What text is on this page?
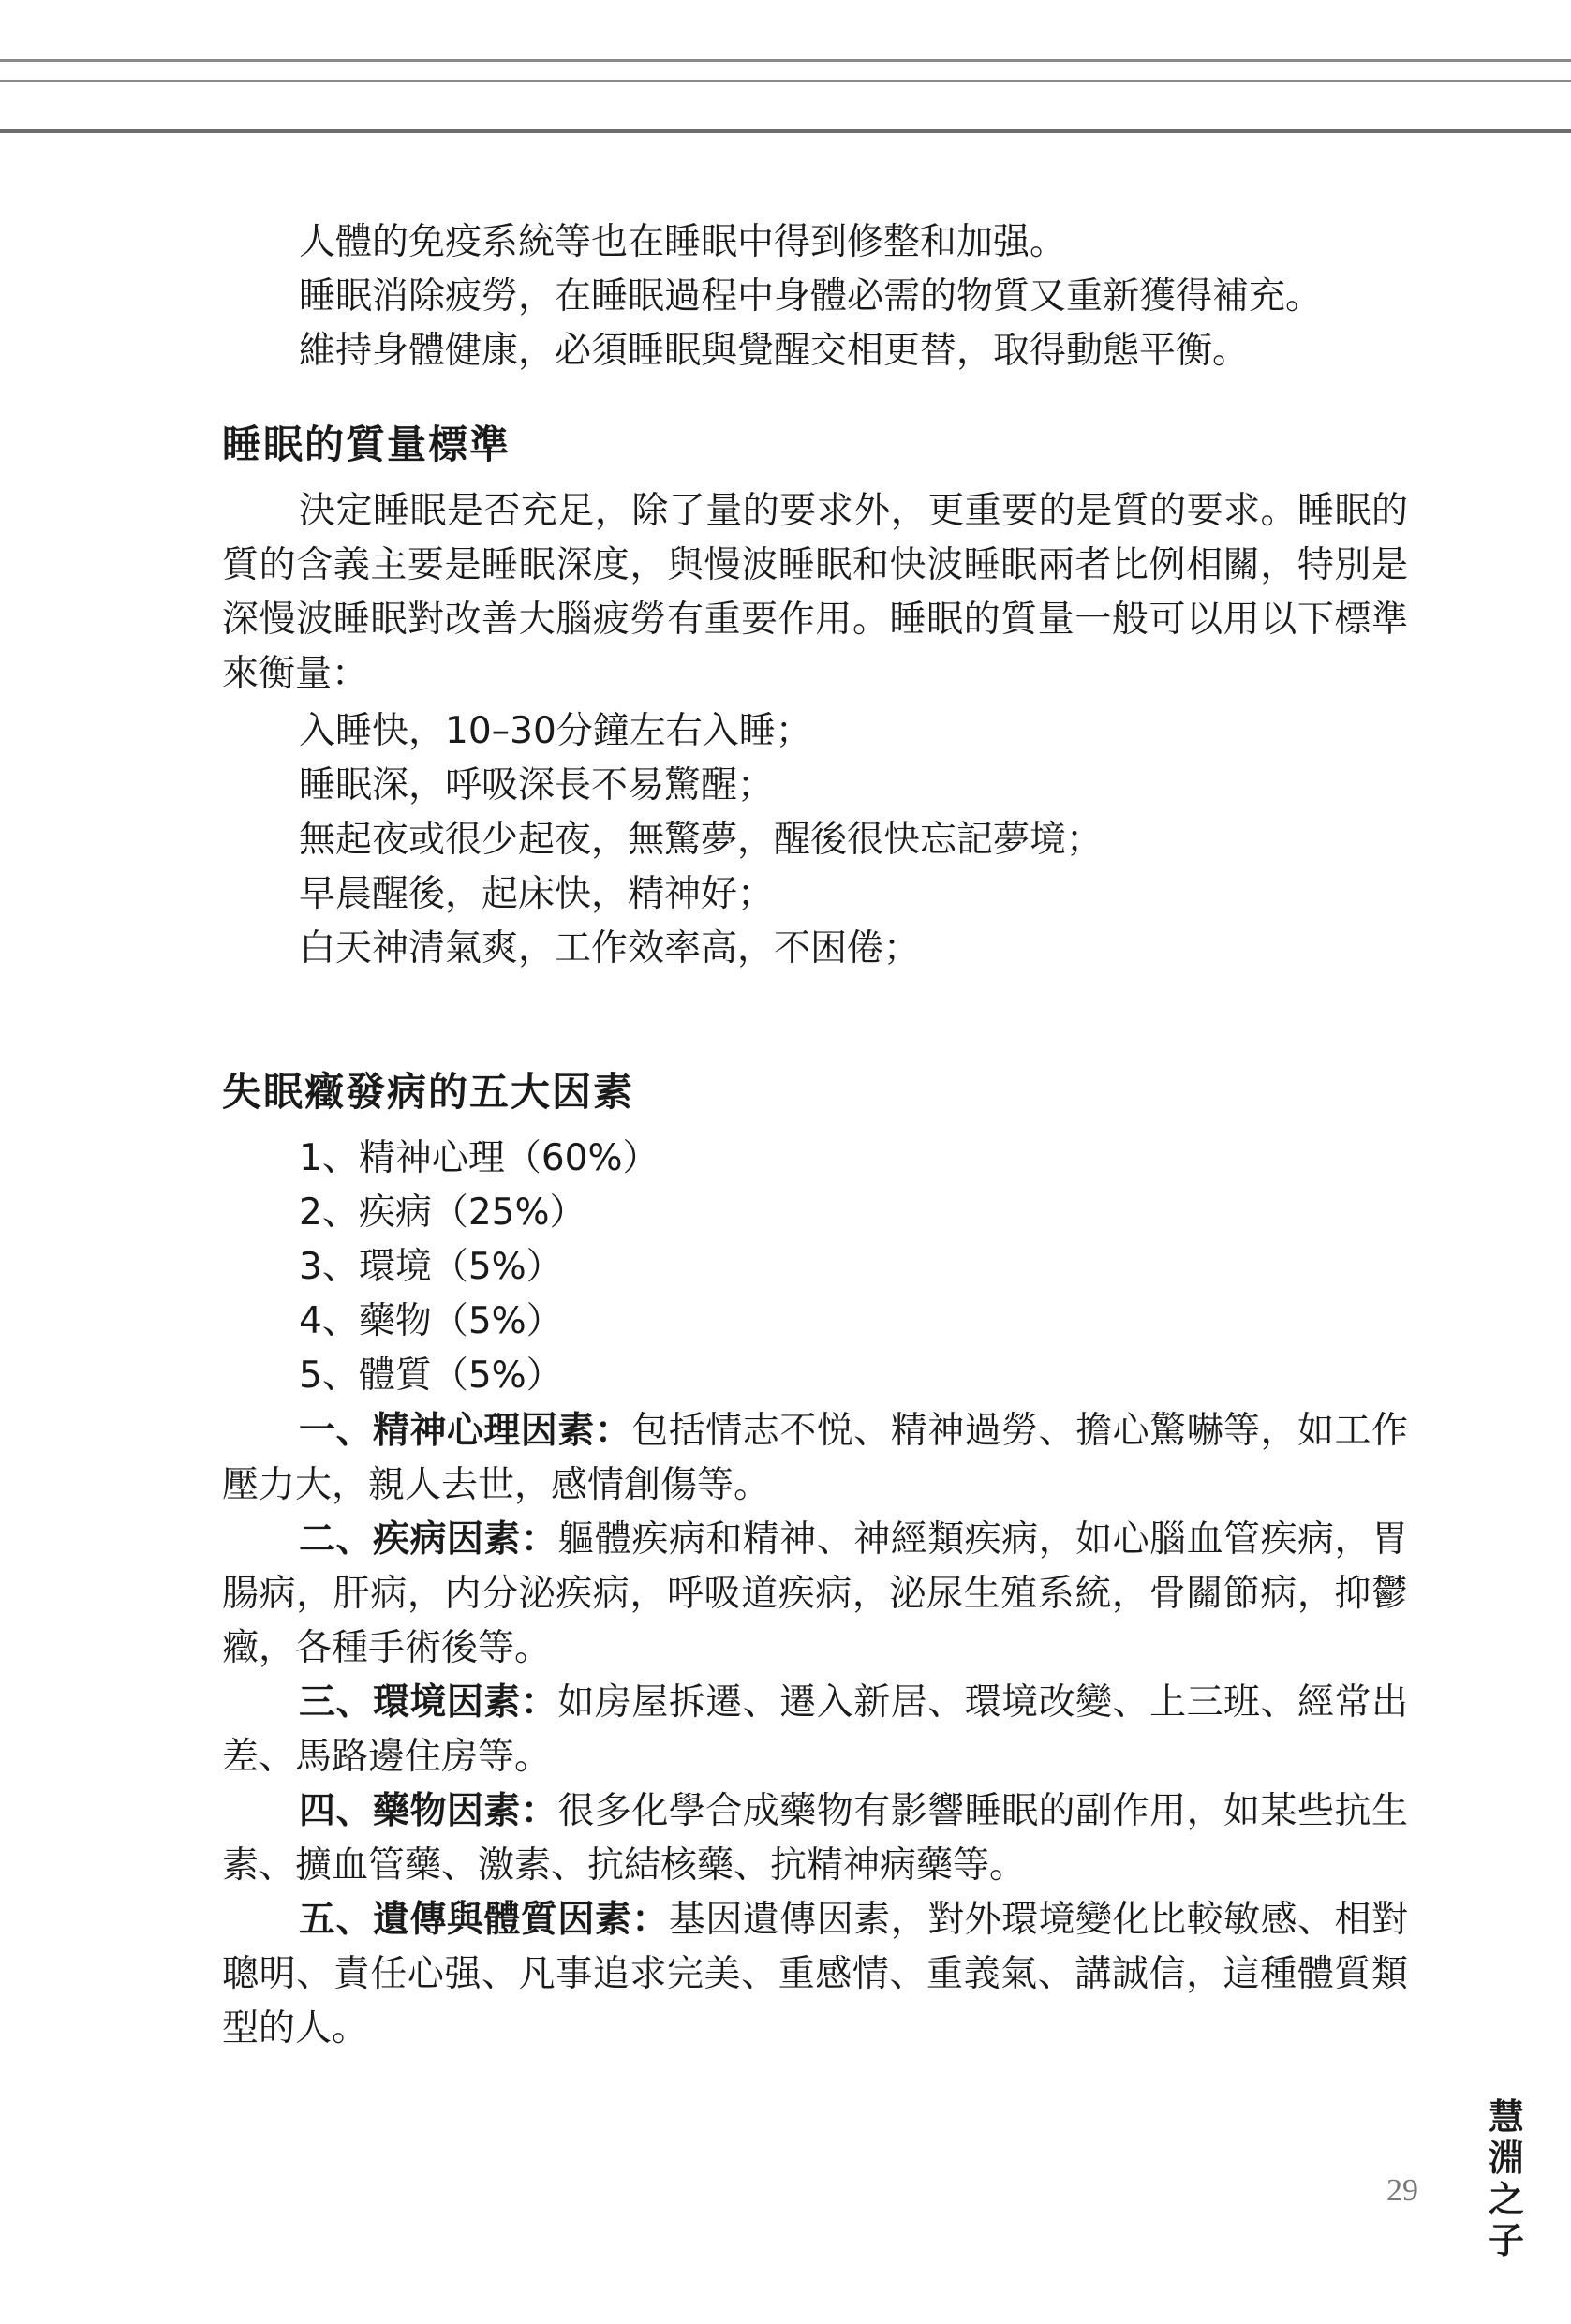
人體的免疫系統等也在睡眠中得到修整和加强。
睡眠消除疲勞，在睡眠過程中身體必需的物質又重新獲得補充。
維持身體健康，必須睡眠與覺醒交相更替，取得動態平衡。
睡眠的質量標準
決定睡眠是否充足，除了量的要求外，更重要的是質的要求。睡眠的質的含義主要是睡眠深度，與慢波睡眠和快波睡眠兩者比例相關，特別是深慢波睡眠對改善大腦疲勞有重要作用。睡眠的質量一般可以用以下標準來衡量：
入睡快，10–30分鐘左右入睡；
睡眠深，呼吸深長不易驚醒；
無起夜或很少起夜，無驚夢，醒後很快忘記夢境；
早晨醒後，起床快，精神好；
白天神清氣爽，工作效率高，不困倦；
失眠癥發病的五大因素
1、精神心理（60%）
2、疾病（25%）
3、環境（5%）
4、藥物（5%）
5、體質（5%）
一、精神心理因素：包括情志不悦、精神過勞、擔心驚嚇等，如工作壓力大，親人去世，感情創傷等。
二、疾病因素：軀體疾病和精神、神經類疾病，如心腦血管疾病，胃腸病，肝病，内分泌疾病，呼吸道疾病，泌尿生殖系統，骨關節病，抑鬱癥，各種手術後等。
三、環境因素：如房屋拆遷、遷入新居、環境改變、上三班、經常出差、馬路邊住房等。
四、藥物因素：很多化學合成藥物有影響睡眠的副作用，如某些抗生素、擴血管藥、激素、抗結核藥、抗精神病藥等。
五、遺傳與體質因素：基因遺傳因素，對外環境變化比較敏感、相對聰明、責任心强、凡事追求完美、重感情、重義氣、講誠信，這種體質類型的人。
29
慧淵之子
